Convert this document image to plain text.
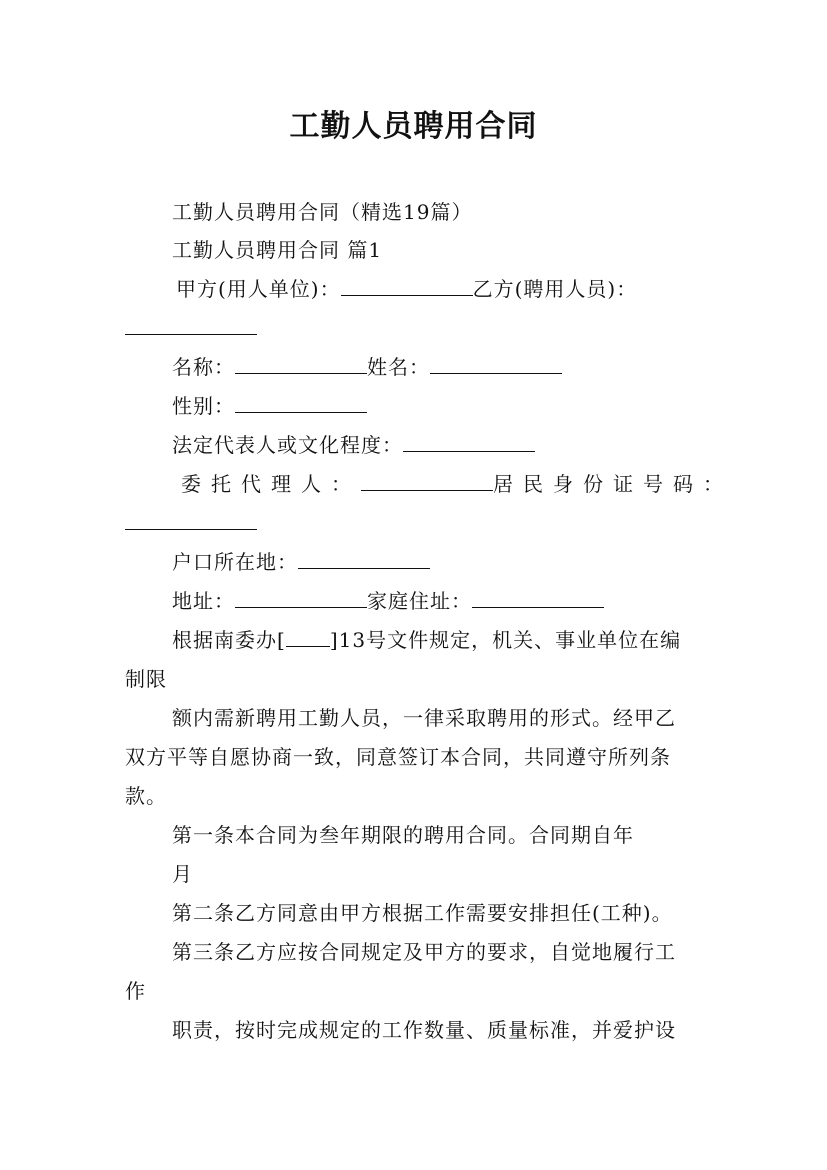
工勤人员聘用合同
工勤人员聘用合同（精选19篇）
工勤人员聘用合同 篇1
甲方(用人单位)：	乙方(聘用人员)：
名称：	姓名：
性别：
法定代表人或文化程度：
委托代理人：	居民身份证号码：
户口所在地：
地址：	家庭住址：
根据南委办[ ]13号文件规定，机关、事业单位在编
制限
额内需新聘用工勤人员，一律采取聘用的形式。经甲乙
双方平等自愿协商一致，同意签订本合同，共同遵守所列条
款。
第一条本合同为叁年期限的聘用合同。合同期自年
月
第二条乙方同意由甲方根据工作需要安排担任(工种)。
第三条乙方应按合同规定及甲方的要求，自觉地履行工
作
职责，按时完成规定的工作数量、质量标准，并爱护设
